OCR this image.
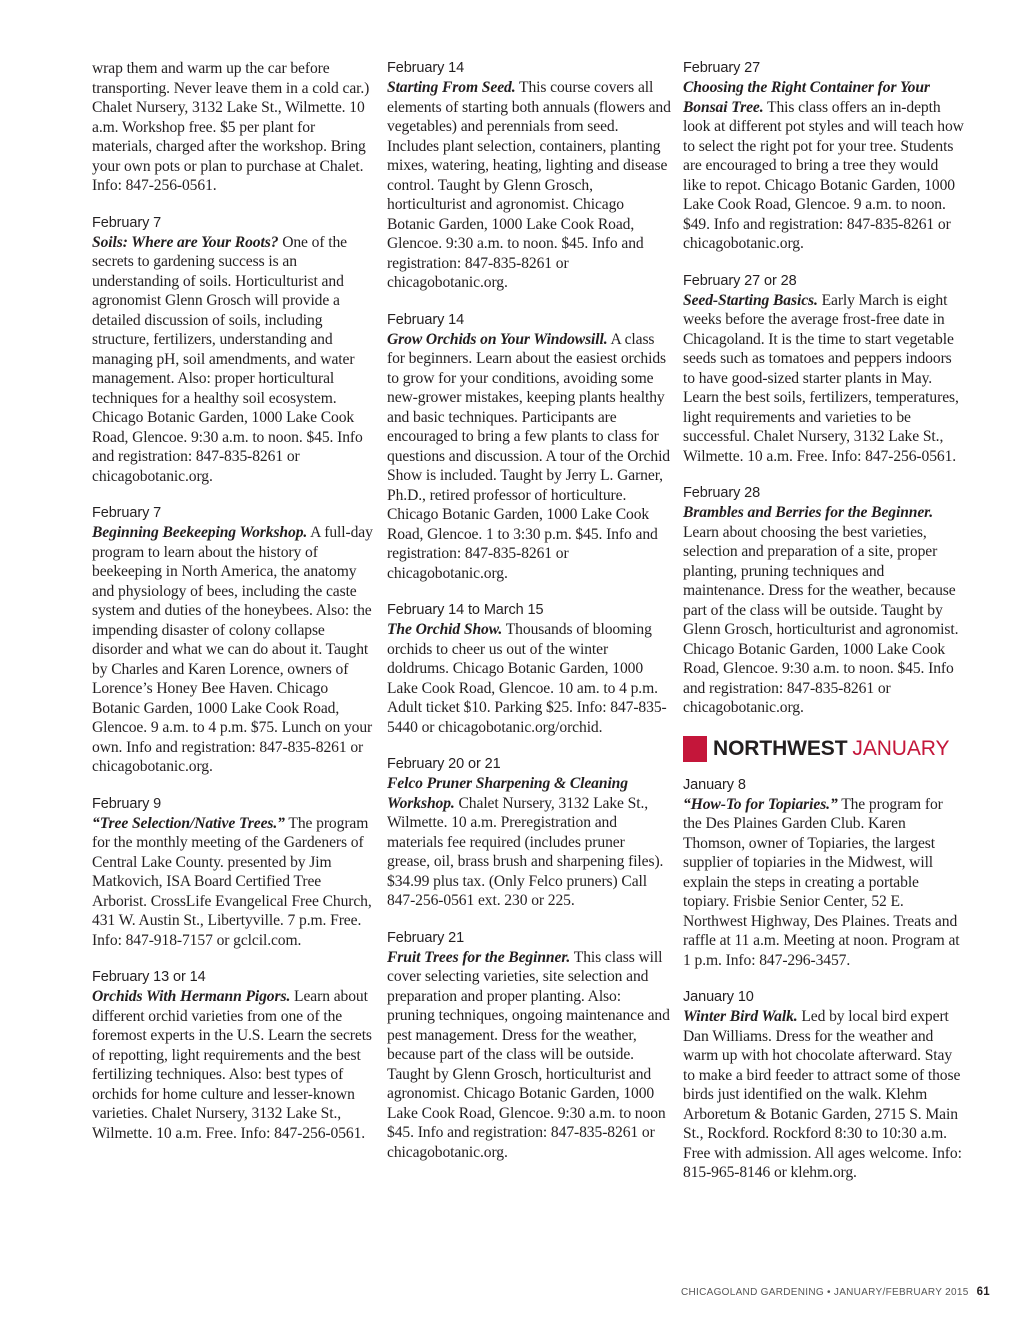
wrap them and warm up the car before transporting. Never leave them in a cold car.) Chalet Nursery, 3132 Lake St., Wilmette. 10 a.m. Workshop free. $5 per plant for materials, charged after the workshop. Bring your own pots or plan to purchase at Chalet. Info: 847-256-0561.

February 7
Soils: Where are Your Roots? One of the secrets to gardening success is an understanding of soils. Horticulturist and agronomist Glenn Grosch will provide a detailed discussion of soils, including structure, fertilizers, understanding and managing pH, soil amendments, and water management. Also: proper horticultural techniques for a healthy soil ecosystem. Chicago Botanic Garden, 1000 Lake Cook Road, Glencoe. 9:30 a.m. to noon. $45. Info and registration: 847-835-8261 or chicagobotanic.org.
February 7
Beginning Beekeeping Workshop. A full-day program to learn about the history of beekeeping in North America, the anatomy and physiology of bees, including the caste system and duties of the honeybees. Also: the impending disaster of colony collapse disorder and what we can do about it. Taught by Charles and Karen Lorence, owners of Lorence’s Honey Bee Haven. Chicago Botanic Garden, 1000 Lake Cook Road, Glencoe. 9 a.m. to 4 p.m. $75. Lunch on your own. Info and registration: 847-835-8261 or chicagobotanic.org.
February 9
“Tree Selection/Native Trees.” The program for the monthly meeting of the Gardeners of Central Lake County. presented by Jim Matkovich, ISA Board Certified Tree Arborist. CrossLife Evangelical Free Church, 431 W. Austin St., Libertyville. 7 p.m. Free. Info: 847-918-7157 or gclcil.com.
February 13 or 14
Orchids With Hermann Pigors. Learn about different orchid varieties from one of the foremost experts in the U.S. Learn the secrets of repotting, light requirements and the best fertilizing techniques. Also: best types of orchids for home culture and lesser-known varieties. Chalet Nursery, 3132 Lake St., Wilmette. 10 a.m. Free. Info: 847-256-0561.
February 14
Starting From Seed. This course covers all elements of starting both annuals (flowers and vegetables) and perennials from seed. Includes plant selection, containers, planting mixes, watering, heating, lighting and disease control. Taught by Glenn Grosch, horticulturist and agronomist. Chicago Botanic Garden, 1000 Lake Cook Road, Glencoe. 9:30 a.m. to noon. $45. Info and registration: 847-835-8261 or chicagobotanic.org.
February 14
Grow Orchids on Your Windowsill. A class for beginners. Learn about the easiest orchids to grow for your conditions, avoiding some new-grower mistakes, keeping plants healthy and basic techniques. Participants are encouraged to bring a few plants to class for questions and discussion. A tour of the Orchid Show is included. Taught by Jerry L. Garner, Ph.D., retired professor of horticulture. Chicago Botanic Garden, 1000 Lake Cook Road, Glencoe. 1 to 3:30 p.m. $45. Info and registration: 847-835-8261 or chicagobotanic.org.
February 14 to March 15
The Orchid Show. Thousands of blooming orchids to cheer us out of the winter doldrums. Chicago Botanic Garden, 1000 Lake Cook Road, Glencoe. 10 am. to 4 p.m. Adult ticket $10. Parking $25. Info: 847-835-5440 or chicagobotanic.org/orchid.
February 20 or 21
Felco Pruner Sharpening & Cleaning Workshop. Chalet Nursery, 3132 Lake St., Wilmette. 10 a.m. Preregistration and materials fee required (includes pruner grease, oil, brass brush and sharpening files). $34.99 plus tax. (Only Felco pruners) Call 847-256-0561 ext. 230 or 225.
February 21
Fruit Trees for the Beginner. This class will cover selecting varieties, site selection and preparation and proper planting. Also: pruning techniques, ongoing maintenance and pest management. Dress for the weather, because part of the class will be outside. Taught by Glenn Grosch, horticulturist and agronomist. Chicago Botanic Garden, 1000 Lake Cook Road, Glencoe. 9:30 a.m. to noon $45. Info and registration: 847-835-8261 or chicagobotanic.org.
February 27
Choosing the Right Container for Your Bonsai Tree. This class offers an in-depth look at different pot styles and will teach how to select the right pot for your tree. Students are encouraged to bring a tree they would like to repot. Chicago Botanic Garden, 1000 Lake Cook Road, Glencoe. 9 a.m. to noon. $49. Info and registration: 847-835-8261 or chicagobotanic.org.
February 27 or 28
Seed-Starting Basics. Early March is eight weeks before the average frost-free date in Chicagoland. It is the time to start vegetable seeds such as tomatoes and peppers indoors to have good-sized starter plants in May. Learn the best soils, fertilizers, temperatures, light requirements and varieties to be successful. Chalet Nursery, 3132 Lake St., Wilmette. 10 a.m. Free. Info: 847-256-0561.
February 28
Brambles and Berries for the Beginner. Learn about choosing the best varieties, selection and preparation of a site, proper planting, pruning techniques and maintenance. Dress for the weather, because part of the class will be outside. Taught by Glenn Grosch, horticulturist and agronomist. Chicago Botanic Garden, 1000 Lake Cook Road, Glencoe. 9:30 a.m. to noon. $45. Info and registration: 847-835-8261 or chicagobotanic.org.
NORTHWEST JANUARY
January 8
“How-To for Topiaries.” The program for the Des Plaines Garden Club. Karen Thomson, owner of Topiaries, the largest supplier of topiaries in the Midwest, will explain the steps in creating a portable topiary. Frisbie Senior Center, 52 E. Northwest Highway, Des Plaines. Treats and raffle at 11 a.m. Meeting at noon. Program at 1 p.m. Info: 847-296-3457.
January 10
Winter Bird Walk. Led by local bird expert Dan Williams. Dress for the weather and warm up with hot chocolate afterward. Stay to make a bird feeder to attract some of those birds just identified on the walk. Klehm Arboretum & Botanic Garden, 2715 S. Main St., Rockford. Rockford 8:30 to 10:30 a.m. Free with admission. All ages welcome. Info: 815-965-8146 or klehm.org.
CHICAGOLAND GARDENING • JANUARY/FEBRUARY 2015 61
